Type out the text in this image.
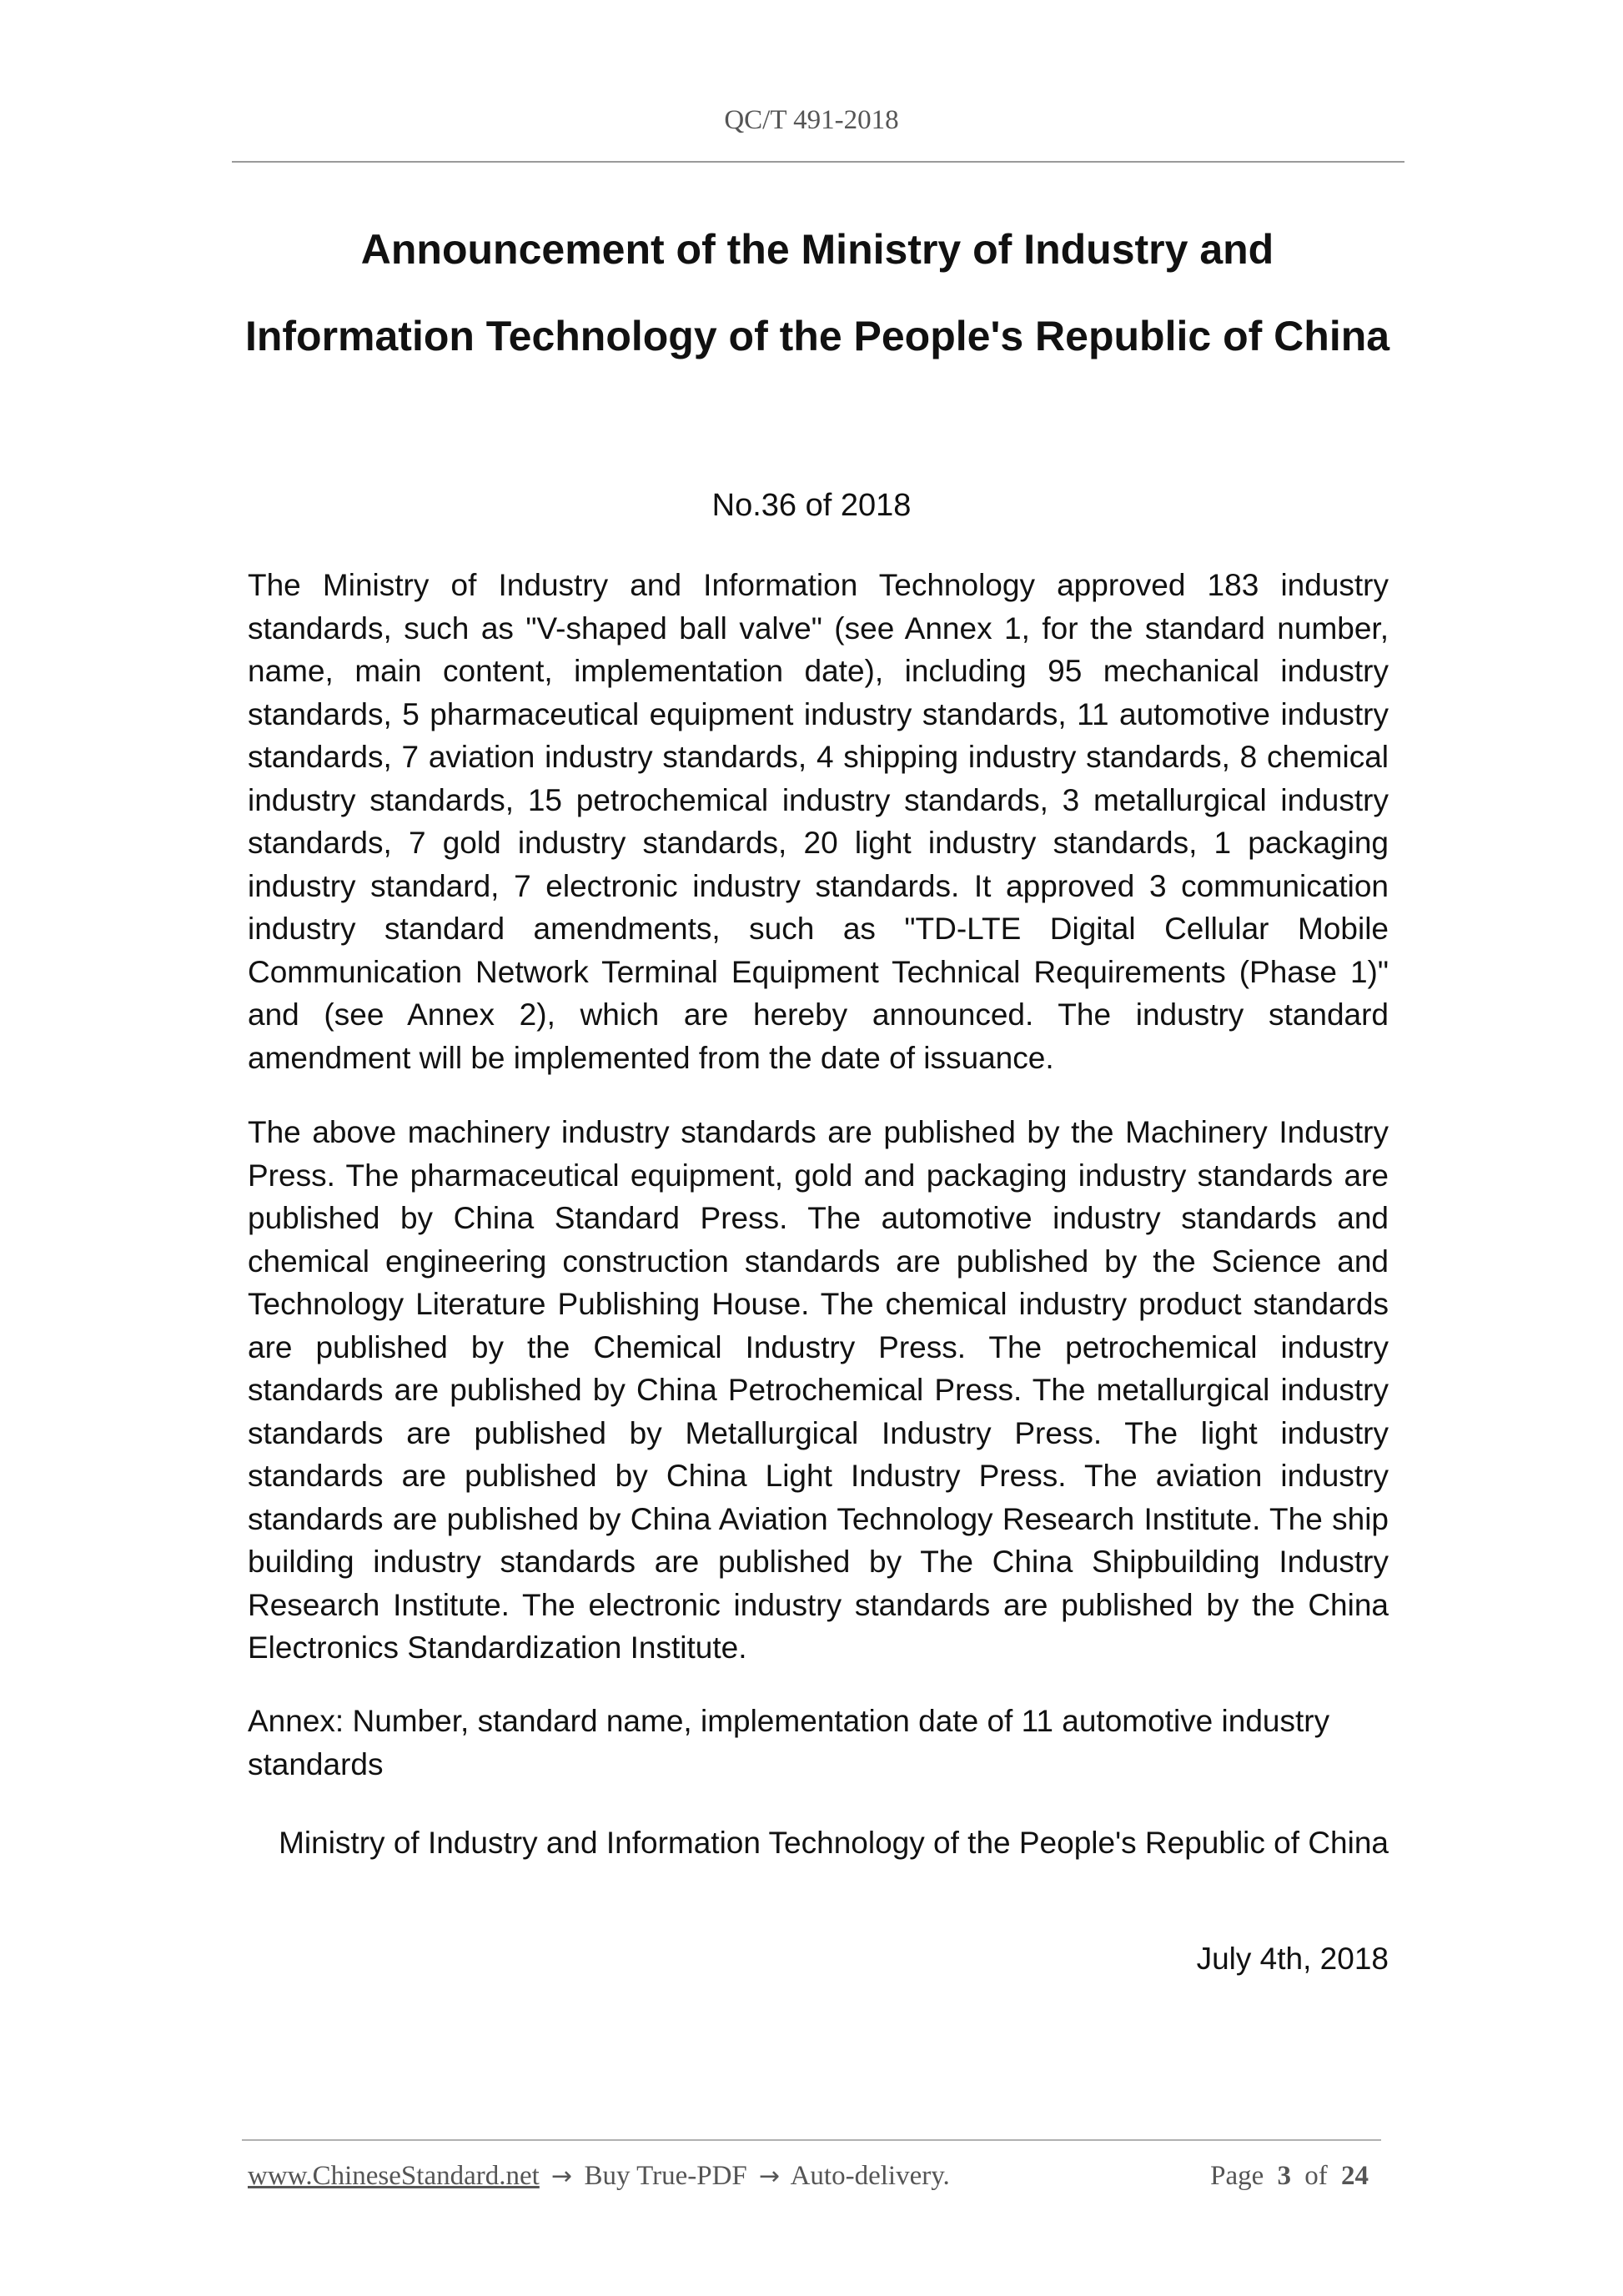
QC/T 491-2018
Announcement of the Ministry of Industry and Information Technology of the People's Republic of China
No.36 of 2018

The Ministry of Industry and Information Technology approved 183 industry standards, such as "V-shaped ball valve" (see Annex 1, for the standard number, name, main content, implementation date), including 95 mechanical industry standards, 5 pharmaceutical equipment industry standards, 11 automotive industry standards, 7 aviation industry standards, 4 shipping industry standards, 8 chemical industry standards, 15 petrochemical industry standards, 3 metallurgical industry standards, 7 gold industry standards, 20 light industry standards, 1 packaging industry standard, 7 electronic industry standards. It approved 3 communication industry standard amendments, such as "TD-LTE Digital Cellular Mobile Communication Network Terminal Equipment Technical Requirements (Phase 1)" and (see Annex 2), which are hereby announced. The industry standard amendment will be implemented from the date of issuance.

The above machinery industry standards are published by the Machinery Industry Press. The pharmaceutical equipment, gold and packaging industry standards are published by China Standard Press. The automotive industry standards and chemical engineering construction standards are published by the Science and Technology Literature Publishing House. The chemical industry product standards are published by the Chemical Industry Press. The petrochemical industry standards are published by China Petrochemical Press. The metallurgical industry standards are published by Metallurgical Industry Press. The light industry standards are published by China Light Industry Press. The aviation industry standards are published by China Aviation Technology Research Institute. The ship building industry standards are published by The China Shipbuilding Industry Research Institute. The electronic industry standards are published by the China Electronics Standardization Institute.

Annex: Number, standard name, implementation date of 11 automotive industry standards

Ministry of Industry and Information Technology of the People's Republic of China

July 4th, 2018
www.ChineseStandard.net → Buy True-PDF → Auto-delivery.	Page 3 of 24
